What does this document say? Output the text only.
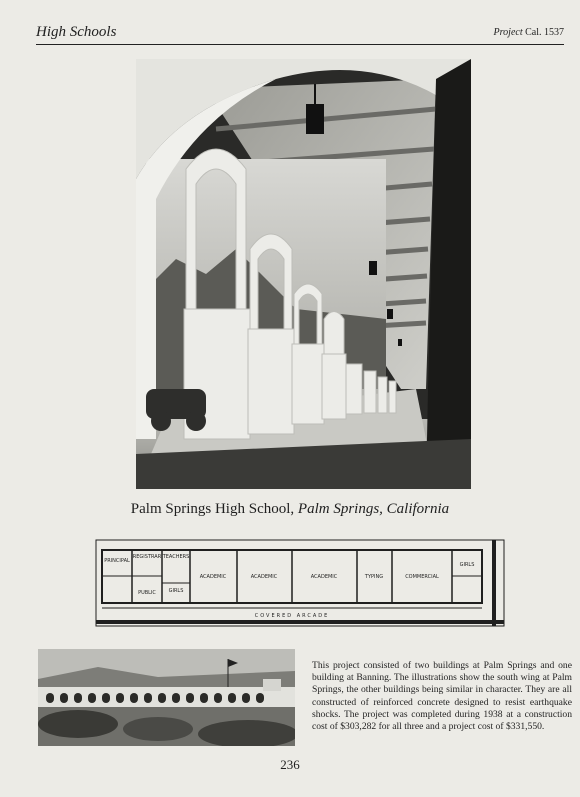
High Schools	Project Cal. 1537
Palm Springs High School, Palm Springs, California
PRINCIPAL
REGISTRAR TEACHERS
PUBLIC	GIRLS
ACADEMIC	ACADEMIC	ACADEMIC	TYPING	COMMERCIAL
GIRLS
COVERED ARCADE
This project consisted of two buildings at Palm Springs and one building at Banning. The illustrations show the south wing at Palm Springs, the other buildings being similar in character. They are all constructed of reinforced concrete designed to resist earthquake shocks. The project was completed during 1938 at a construction cost of $303,282 for all three and a project cost of $331,550.
236
